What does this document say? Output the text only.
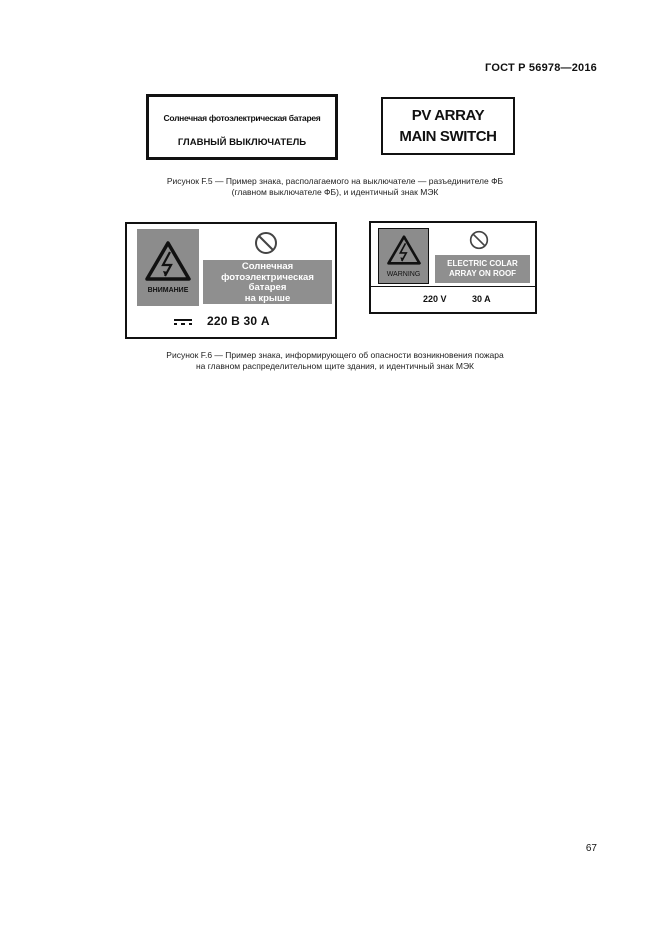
ГОСТ Р 56978—2016
Солнечная фотоэлектрическая батарея
ГЛАВНЫЙ ВЫКЛЮЧАТЕЛЬ
PV ARRAY
MAIN SWITCH
Рисунок F.5 — Пример знака, располагаемого на выключателе — разъединителе ФБ
(главном выключателе ФБ), и идентичный знак МЭК
ВНИМАНИЕ
Солнечная
фотоэлектрическая батарея
на крыше
220 В 30 А
WARNING
ELECTRIC COLAR
ARRAY ON ROOF
220 V	30 A
Рисунок F.6 — Пример знака, информирующего об опасности возникновения пожара
на главном распределительном щите здания, и идентичный знак МЭК
67
